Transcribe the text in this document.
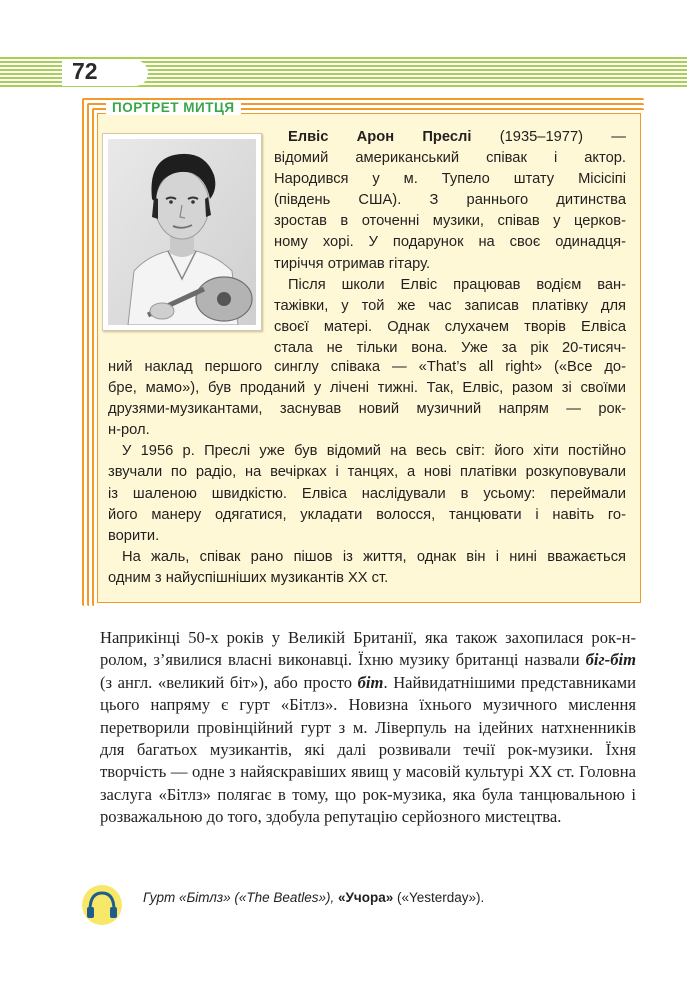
72
ПОРТРЕТ МИТЦЯ

Елвіс Арон Преслі (1935–1977) —

відомий американський співак і актор.

Народився у м. Тупело штату Місісіпі

(південь США). З раннього дитинства

зростав в оточенні музики, співав у церков-

ному хорі. У подарунок на своє одинадця-

тиріччя отримав гітару.

Після школи Елвіс працював водієм ван-

тажівки, у той же час записав платівку для

своєї матері. Однак слухачем творів Елвіса

стала не тільки вона. Уже за рік 20-тисяч-

ний наклад першого синглу співака — «That’s all right» («Все до-

бре, мамо»), був проданий у лічені тижні. Так, Елвіс, разом зі своїми

друзями-музикантами, заснував новий музичний напрям — рок-

н-рол.

У 1956 р. Преслі уже був відомий на весь світ: його хіти постійно

звучали по радіо, на вечірках і танцях, а нові платівки розкуповували

із шаленою швидкістю. Елвіса наслідували в усьому: переймали

його манеру одягатися, укладати волосся, танцювати і навіть го-

ворити.

На жаль, співак рано пішов із життя, однак він і нині вважається

одним з найуспішніших музикантів ХХ ст.

Наприкінці 50-х років у Великій Британії, яка також захопилася рок-н-ролом, з’явилися власні виконавці. Їхню музику британці назвали біг-біт (з англ. «великий біт»), або просто біт. Найвидатнішими представниками цього напряму є гурт «Бітлз». Новизна їхнього музичного мислення перетворили провінційний гурт з м. Ліверпуль на ідейних натхненників для багатьох музикантів, які далі розвивали течії рок-музики. Їхня творчість — одне з найяскравіших явищ у масовій культурі ХХ ст. Головна заслуга «Бітлз» полягає в тому, що рок-музика, яка була танцювальною і розважальною до того, здобула репутацію серйозного мистецтва.

Гурт «Бітлз» («The Beatles»), «Учора» («Yesterday»).
